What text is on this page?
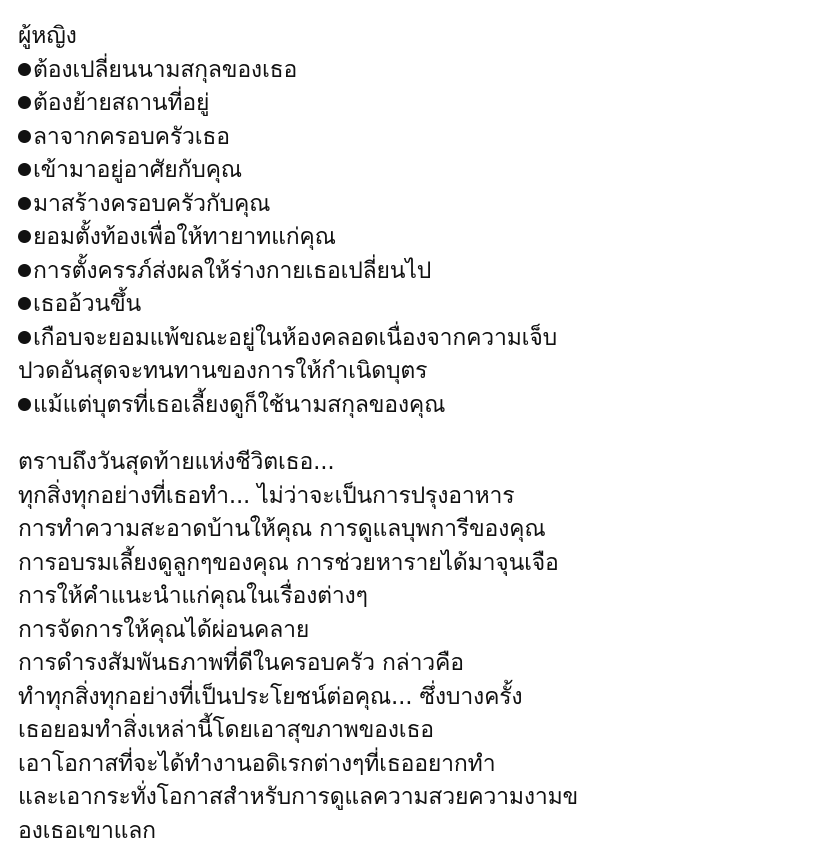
ผู้หญิง
ต้องเปลี่ยนนามสกุลของเธอ
ต้องย้ายสถานที่อยู่
ลาจากครอบครัวเธอ
เข้ามาอยู่อาศัยกับคุณ
มาสร้างครอบครัวกับคุณ
ยอมตั้งท้องเพื่อให้ทายาทแก่คุณ
การตั้งครรภ์ส่งผลให้ร่างกายเธอเปลี่ยนไป
เธออ้วนขึ้น
เกือบจะยอมแพ้ขณะอยู่ในห้องคลอดเนื่องจากความเจ็บ
ปวดอันสุดจะทนทานของการให้กำเนิดบุตร
แม้แต่บุตรที่เธอเลี้ยงดูก็ใช้นามสกุลของคุณ
ตราบถึงวันสุดท้ายแห่งชีวิตเธอ...
ทุกสิ่งทุกอย่างที่เธอทำ... ไม่ว่าจะเป็นการปรุงอาหาร
การทำความสะอาดบ้านให้คุณ การดูแลบุพการีของคุณ
การอบรมเลี้ยงดูลูกๆของคุณ การช่วยหารายได้มาจุนเจือ
การให้คำแนะนำแก่คุณในเรื่องต่างๆ
การจัดการให้คุณได้ผ่อนคลาย
การดำรงสัมพันธภาพที่ดีในครอบครัว กล่าวคือ
ทำทุกสิ่งทุกอย่างที่เป็นประโยชน์ต่อคุณ... ซึ่งบางครั้ง
เธอยอมทำสิ่งเหล่านี้โดยเอาสุขภาพของเธอ
เอาโอกาสที่จะได้ทำงานอดิเรกต่างๆที่เธออยากทำ
และเอากระทั่งโอกาสสำหรับการดูแลความสวยความงามข
องเธอเขาแลก
